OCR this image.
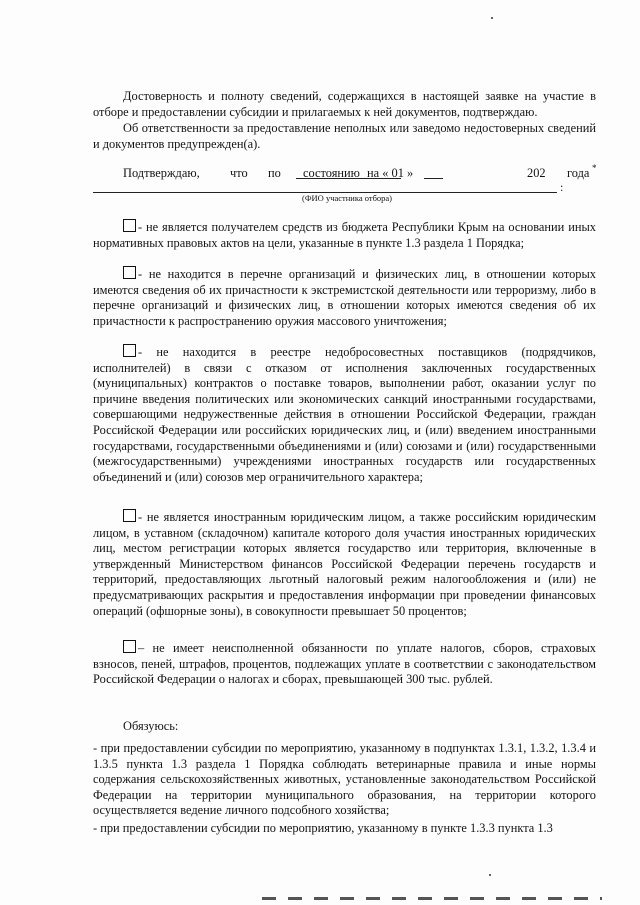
Достоверность и полноту сведений, содержащихся в настоящей заявке на участие в отборе и предоставлении субсидии и прилагаемых к ней документов, подтверждаю.

Об ответственности за предоставление неполных или заведомо недостоверных сведений и документов предупрежден(а).

Подтверждаю, что по состоянию на « 01 »	202 года *
:
(ФИО участника отбора)

- не является получателем средств из бюджета Республики Крым на основании иных нормативных правовых актов на цели, указанные в пункте 1.3 раздела 1 Порядка;

- не находится в перечне организаций и физических лиц, в отношении которых имеются сведения об их причастности к экстремистской деятельности или терроризму, либо в перечне организаций и физических лиц, в отношении которых имеются сведения об их причастности к распространению оружия массового уничтожения;

- не находится в реестре недобросовестных поставщиков (подрядчиков, исполнителей) в связи с отказом от исполнения заключенных государственных (муниципальных) контрактов о поставке товаров, выполнении работ, оказании услуг по причине введения политических или экономических санкций иностранными государствами, совершающими недружественные действия в отношении Российской Федерации, граждан Российской Федерации или российских юридических лиц, и (или) введением иностранными государствами, государственными объединениями и (или) союзами и (или) государственными (межгосударственными) учреждениями иностранных государств или государственных объединений и (или) союзов мер ограничительного характера;

- не является иностранным юридическим лицом, а также российским юридическим лицом, в уставном (складочном) капитале которого доля участия иностранных юридических лиц, местом регистрации которых является государство или территория, включенные в утвержденный Министерством финансов Российской Федерации перечень государств и территорий, предоставляющих льготный налоговый режим налогообложения и (или) не предусматривающих раскрытия и предоставления информации при проведении финансовых операций (офшорные зоны), в совокупности превышает 50 процентов;

– не имеет неисполненной обязанности по уплате налогов, сборов, страховых взносов, пеней, штрафов, процентов, подлежащих уплате в соответствии с законодательством Российской Федерации о налогах и сборах, превышающей 300 тыс. рублей.

Обязуюсь:

- при предоставлении субсидии по мероприятию, указанному в подпунктах 1.3.1, 1.3.2, 1.3.4 и 1.3.5 пункта 1.3 раздела 1 Порядка соблюдать ветеринарные правила и иные нормы содержания сельскохозяйственных животных, установленные законодательством Российской Федерации на территории муниципального образования, на территории которого осуществляется ведение личного подсобного хозяйства;

- при предоставлении субсидии по мероприятию, указанному в пункте 1.3.3 пункта 1.3
